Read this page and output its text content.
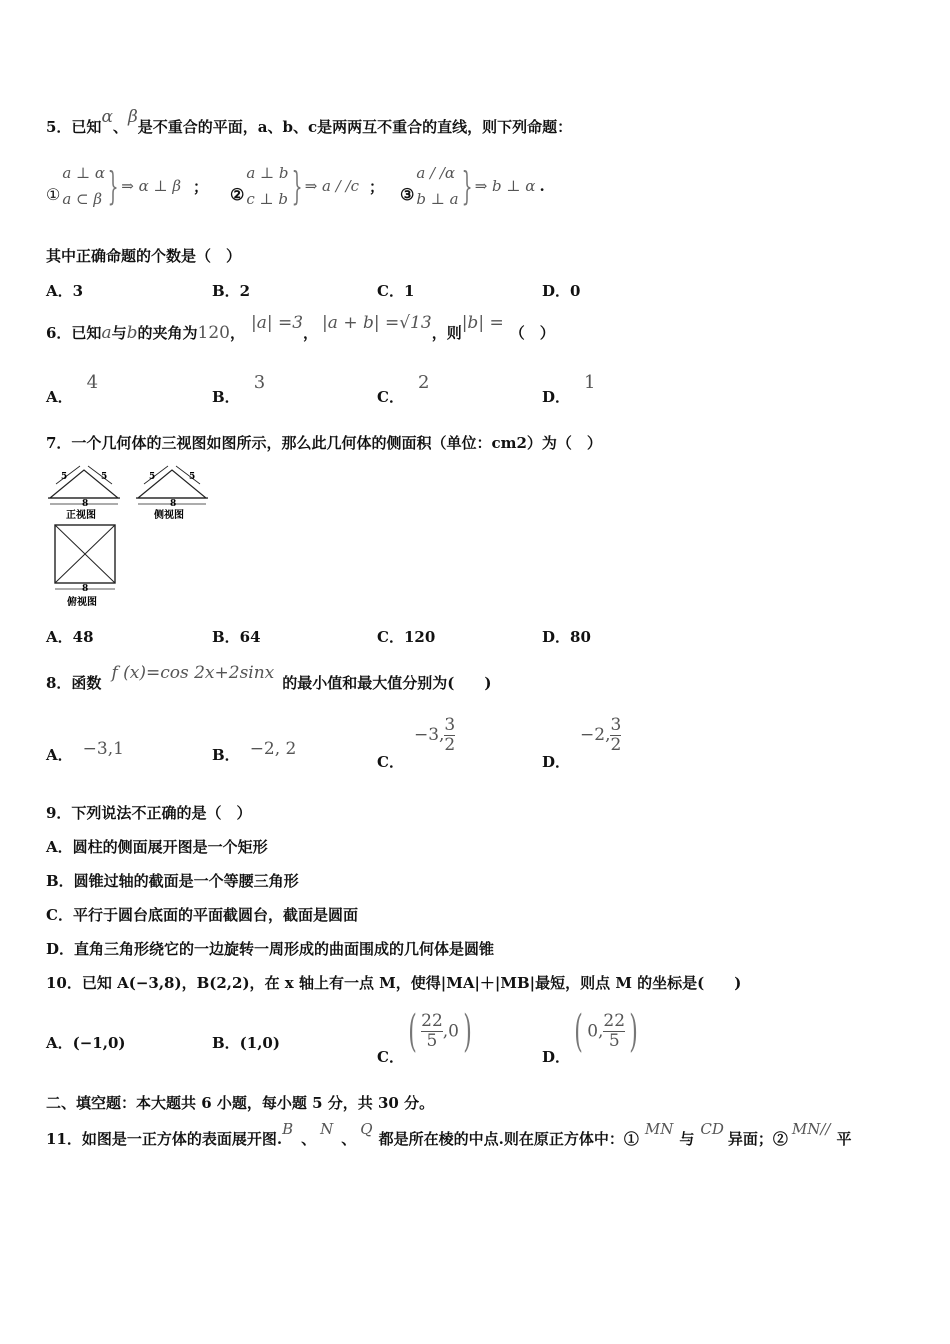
5．已知α、β是不重合的平面，a、b、c是两两互不重合的直线，则下列命题：
①
a ⊥ α
a ⊂ β } ⇒ α ⊥ β ； ②
a ⊥ b
c ⊥ b } ⇒ a / /c ； ③
a / /α
b ⊥ a } ⇒ b ⊥ α .
其中正确命题的个数是（　）
A．3	B．2	C．1	D．0
6．已知a与b的夹角为120， |a| =3， |a + b| =√13，则|b| = （　）
A．4
B．3
C．2
D．1
7．一个几何体的三视图如图所示，那么此几何体的侧面积（单位：cm2）为（　）
5	5
8
正视图
5	5
8
侧视图
8
俯视图
A．48	B．64	C．120	D．80
8．函数 f (x)=cos 2x+2sinx 的最小值和最大值分别为(　　)
A． −3,1	B． −2, 2
C．−3, $\frac{3}{2}$
D．−2, $\frac{3}{2}$
9．下列说法不正确的是（　）
A．圆柱的侧面展开图是一个矩形
B．圆锥过轴的截面是一个等腰三角形
C．平行于圆台底面的平面截圆台，截面是圆面
D．直角三角形绕它的一边旋转一周形成的曲面围成的几何体是圆锥
10．已知 A(−3,8)，B(2,2)，在 x 轴上有一点 M，使得|MA|＋|MB|最短，则点 M 的坐标是(　　)
A．(−1,0)	B．(1,0)
C．( $\frac{22}{5} ,0$)	D．( 0, $\frac{22}{5}$ )
二、填空题：本大题共 6 小题，每小题 5 分，共 30 分。
11．如图是一正方体的表面展开图.B、N、Q都是所在棱的中点.则在原正方体中：①MN与CD异面；②MN//平
